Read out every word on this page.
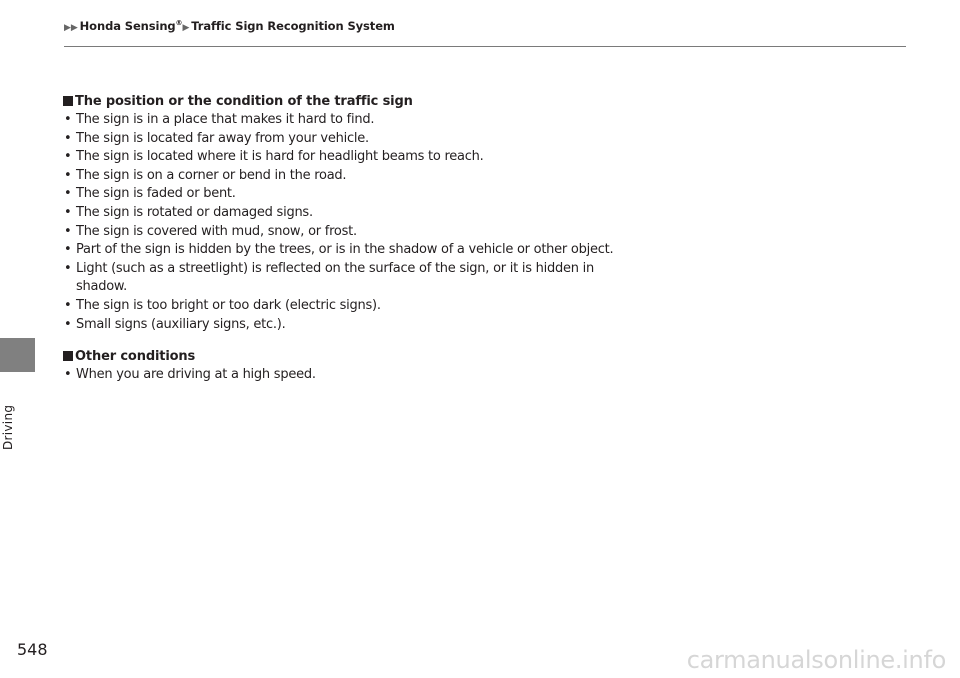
▶▶ Honda Sensing®▶ Traffic Sign Recognition System
Driving
The position or the condition of the traffic sign
• The sign is in a place that makes it hard to find.
• The sign is located far away from your vehicle.
• The sign is located where it is hard for headlight beams to reach.
• The sign is on a corner or bend in the road.
• The sign is faded or bent.
• The sign is rotated or damaged signs.
• The sign is covered with mud, snow, or frost.
• Part of the sign is hidden by the trees, or is in the shadow of a vehicle or other object.
• Light (such as a streetlight) is reflected on the surface of the sign, or it is hidden in shadow.
• The sign is too bright or too dark (electric signs).
• Small signs (auxiliary signs, etc.).
Other conditions
• When you are driving at a high speed.
548	carmanualsonline.info
